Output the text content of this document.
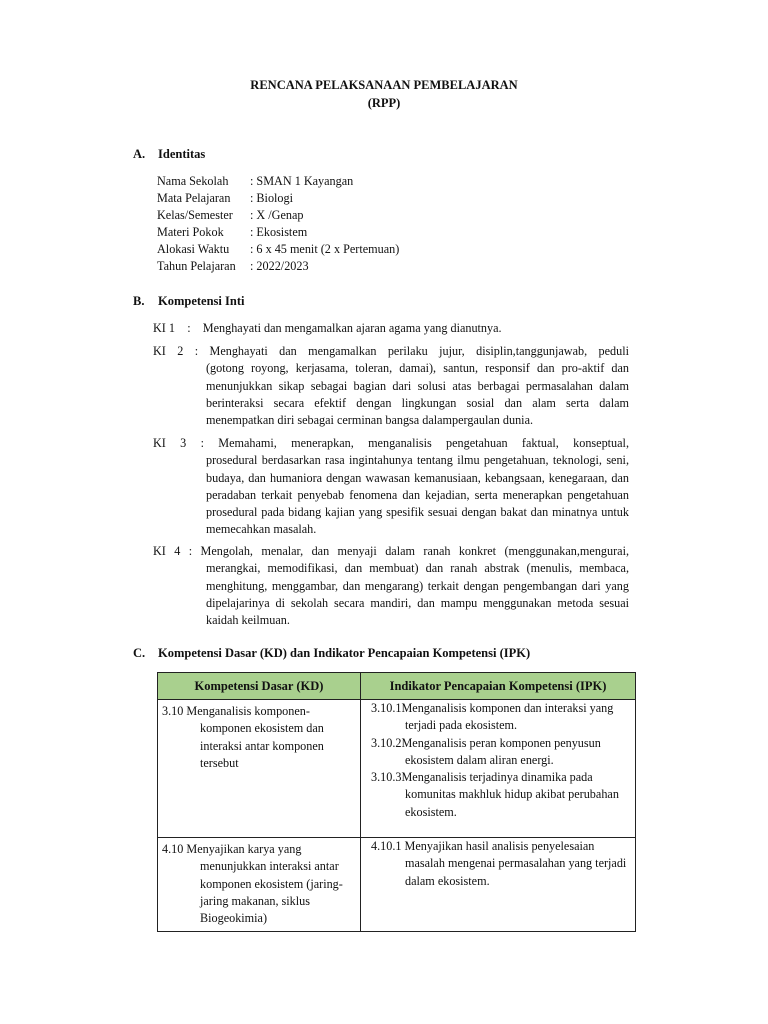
RENCANA PELAKSANAAN PEMBELAJARAN
(RPP)
A. Identitas
Nama Sekolah : SMAN 1 Kayangan
Mata Pelajaran : Biologi
Kelas/Semester : X /Genap
Materi Pokok : Ekosistem
Alokasi Waktu : 6 x 45 menit (2 x Pertemuan)
Tahun Pelajaran : 2022/2023
B. Kompetensi Inti
KI 1    :    Menghayati dan mengamalkan ajaran agama yang dianutnya.
KI 2 : Menghayati dan mengamalkan perilaku jujur, disiplin,tanggunjawab, peduli
(gotong royong, kerjasama, toleran, damai), santun, responsif dan pro-aktif dan menunjukkan sikap sebagai bagian dari solusi atas berbagai permasalahan dalam berinteraksi secara efektif dengan lingkungan sosial dan alam serta dalam menempatkan diri sebagai cerminan bangsa dalampergaulan dunia.
KI 3 : Memahami, menerapkan, menganalisis pengetahuan faktual, konseptual,
prosedural berdasarkan rasa ingintahunya tentang ilmu pengetahuan, teknologi, seni, budaya, dan humaniora dengan wawasan kemanusiaan, kebangsaan, kenegaraan, dan peradaban terkait penyebab fenomena dan kejadian, serta menerapkan pengetahuan prosedural pada bidang kajian yang spesifik sesuai dengan bakat dan minatnya untuk memecahkan masalah.
KI 4 : Mengolah, menalar, dan menyaji dalam ranah konkret (menggunakan,mengurai,
merangkai, memodifikasi, dan membuat) dan ranah abstrak (menulis, membaca, menghitung, menggambar, dan mengarang) terkait dengan pengembangan dari yang dipelajarinya di sekolah secara mandiri, dan mampu menggunakan metoda sesuai kaidah keilmuan.
C. Kompetensi Dasar (KD) dan Indikator Pencapaian Kompetensi (IPK)
Kompetensi Dasar (KD)	Indikator Pencapaian Kompetensi (IPK)

3.10 Menganalisis komponen-komponen ekosistem dan interaksi antar komponen tersebut	3.10.1Menganalisis komponen dan interaksi yang terjadi pada ekosistem.

3.10.2Menganalisis peran komponen penyusun ekosistem dalam aliran energi.

3.10.3Menganalisis terjadinya dinamika pada komunitas makhluk hidup akibat perubahan ekosistem.

4.10 Menyajikan karya yang menunjukkan interaksi antar komponen ekosistem (jaring-jaring makanan, siklus Biogeokimia)	4.10.1 Menyajikan hasil analisis penyelesaian masalah mengenai permasalahan yang terjadi dalam ekosistem.
